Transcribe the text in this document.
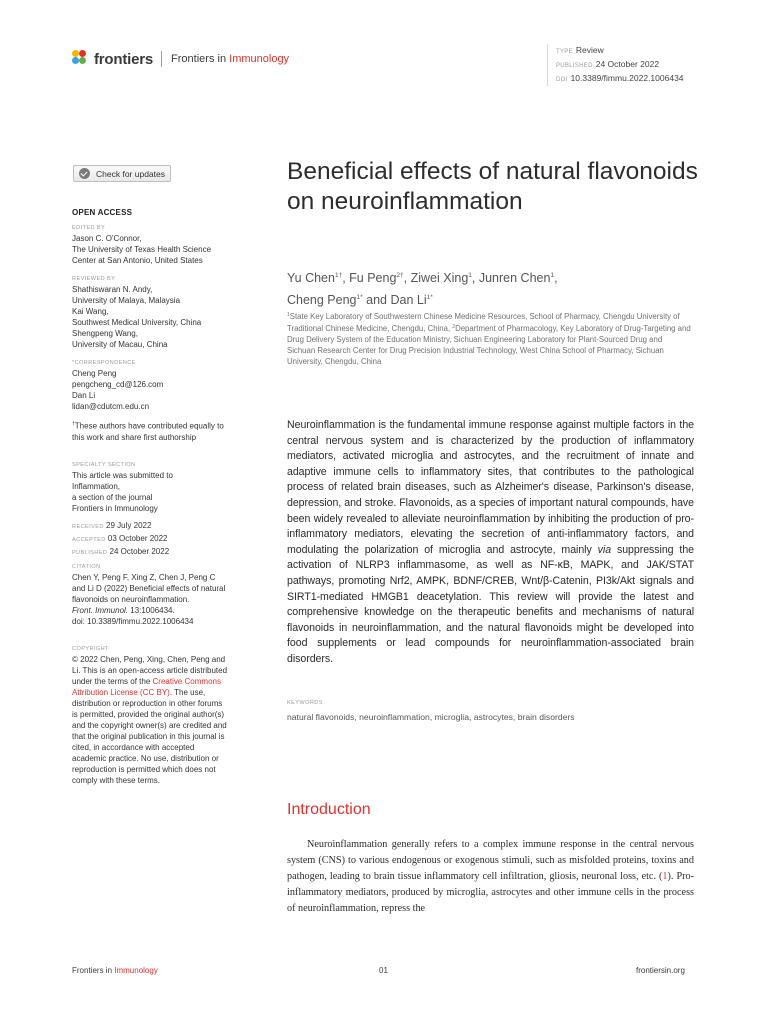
frontiers Frontiers in Immunology
TYPE Review
PUBLISHED 24 October 2022
DOI 10.3389/fimmu.2022.1006434
Check for updates
OPEN ACCESS
EDITED BY
Jason C. O'Connor,
The University of Texas Health Science Center at San Antonio, United States
REVIEWED BY
Shathiswaran N. Andy,
University of Malaya, Malaysia
Kai Wang,
Southwest Medical University, China
Shengpeng Wang,
University of Macau, China
*CORRESPONDENCE
Cheng Peng
pengcheng_cd@126.com
Dan Li
lidan@cdutcm.edu.cn
†These authors have contributed equally to this work and share first authorship
SPECIALTY SECTION
This article was submitted to
Inflammation,
a section of the journal
Frontiers in Immunology
RECEIVED 29 July 2022
ACCEPTED 03 October 2022
PUBLISHED 24 October 2022
CITATION
Chen Y, Peng F, Xing Z, Chen J, Peng C and Li D (2022) Beneficial effects of natural flavonoids on neuroinflammation.
Front. Immunol. 13:1006434.
doi: 10.3389/fimmu.2022.1006434
COPYRIGHT
© 2022 Chen, Peng, Xing, Chen, Peng and Li. This is an open-access article distributed under the terms of the Creative Commons Attribution License (CC BY). The use, distribution or reproduction in other forums is permitted, provided the original author(s) and the copyright owner(s) are credited and that the original publication in this journal is cited, in accordance with accepted academic practice. No use, distribution or reproduction is permitted which does not comply with these terms.
Beneficial effects of natural flavonoids on neuroinflammation
Yu Chen$^{1\dagger}$, Fu Peng$^{2\dagger}$, Ziwei Xing$^1$, Junren Chen$^1$,
Cheng Peng$^{1*}$ and Dan $Li^{1*}$
$^1$State Key Laboratory of Southwestern Chinese Medicine Resources, School of Pharmacy, Chengdu University of Traditional Chinese Medicine, Chengdu, China, $^2$Department of Pharmacology, Key Laboratory of Drug-Targeting and Drug Delivery System of the Education Ministry, Sichuan Engineering Laboratory for Plant-Sourced Drug and Sichuan Research Center for Drug Precision Industrial Technology, West China School of Pharmacy, Sichuan University, Chengdu, China
Neuroinflammation is the fundamental immune response against multiple factors in the central nervous system and is characterized by the production of inflammatory mediators, activated microglia and astrocytes, and the recruitment of innate and adaptive immune cells to inflammatory sites, that contributes to the pathological process of related brain diseases, such as Alzheimer's disease, Parkinson's disease, depression, and stroke. Flavonoids, as a species of important natural compounds, have been widely revealed to alleviate neuroinflammation by inhibiting the production of pro-inflammatory mediators, elevating the secretion of anti-inflammatory factors, and modulating the polarization of microglia and astrocyte, mainly via suppressing the activation of NLRP3 inflammasome, as well as NF-κB, MAPK, and JAK/STAT pathways, promoting Nrf2, AMPK, BDNF/CREB, Wnt/β-Catenin, PI3k/Akt signals and SIRT1-mediated HMGB1 deacetylation. This review will provide the latest and comprehensive knowledge on the therapeutic benefits and mechanisms of natural flavonoids in neuroinflammation, and the natural flavonoids might be developed into food supplements or lead compounds for neuroinflammation-associated brain disorders.
KEYWORDS
natural flavonoids, neuroinflammation, microglia, astrocytes, brain disorders
Introduction
Neuroinflammation generally refers to a complex immune response in the central nervous system (CNS) to various endogenous or exogenous stimuli, such as misfolded proteins, toxins and pathogen, leading to brain tissue inflammatory cell infiltration, gliosis, neuronal loss, etc. (1). Pro-inflammatory mediators, produced by microglia, astrocytes and other immune cells in the process of neuroinflammation, repress the
Frontiers in Immunology	01	frontiersin.org
